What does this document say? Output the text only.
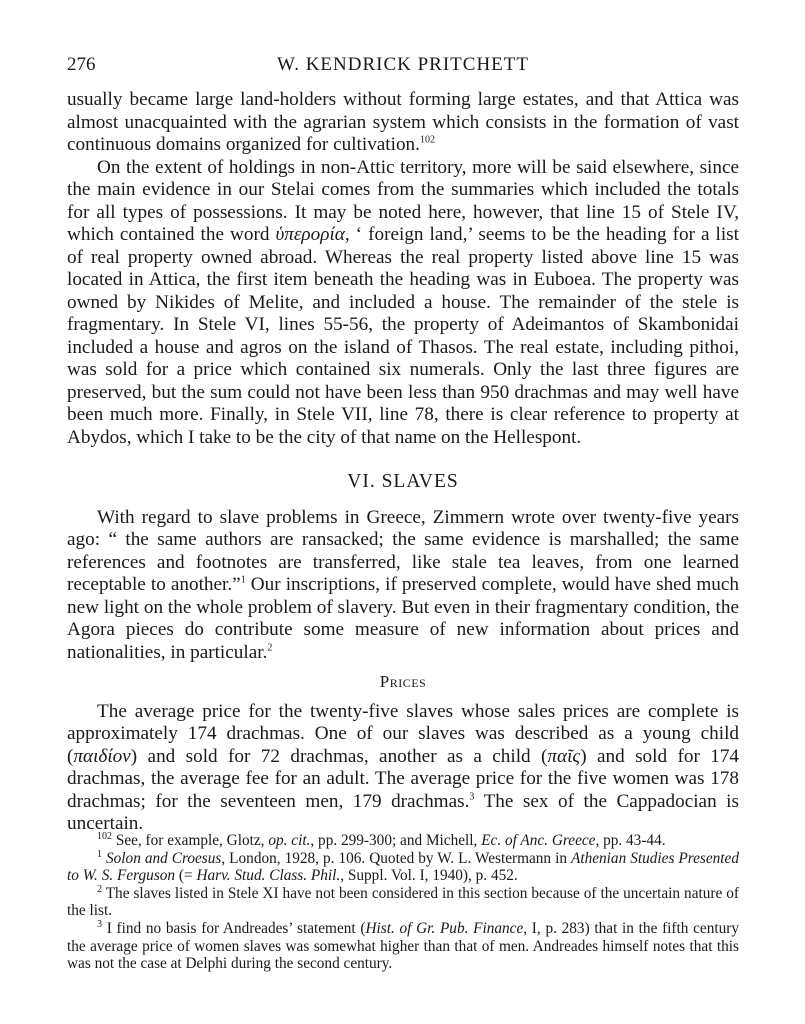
276	W. KENDRICK PRITCHETT

usually became large land-holders without forming large estates, and that Attica was almost unacquainted with the agrarian system which consists in the formation of vast continuous domains organized for cultivation.$^{102}$

On the extent of holdings in non-Attic territory, more will be said elsewhere, since the main evidence in our Stelai comes from the summaries which included the totals for all types of possessions. It may be noted here, however, that line 15 of Stele IV, which contained the word ὑπερορία, ‘ foreign land,’ seems to be the heading for a list of real property owned abroad. Whereas the real property listed above line 15 was located in Attica, the first item beneath the heading was in Euboea. The property was owned by Nikides of Melite, and included a house. The remainder of the stele is fragmentary. In Stele VI, lines 55-56, the property of Adeimantos of Skambonidai included a house and agros on the island of Thasos. The real estate, including pithoi, was sold for a price which contained six numerals. Only the last three figures are preserved, but the sum could not have been less than 950 drachmas and may well have been much more. Finally, in Stele VII, line 78, there is clear reference to property at Abydos, which I take to be the city of that name on the Hellespont.

VI. SLAVES

With regard to slave problems in Greece, Zimmern wrote over twenty-five years ago: “ the same authors are ransacked; the same evidence is marshalled; the same references and footnotes are transferred, like stale tea leaves, from one learned receptable to another.”$^1$ Our inscriptions, if preserved complete, would have shed much new light on the whole problem of slavery. But even in their fragmentary condition, the Agora pieces do contribute some measure of new information about prices and nationalities, in particular.$^2$

Prices

The average price for the twenty-five slaves whose sales prices are complete is approximately 174 drachmas. One of our slaves was described as a young child (παιδίον) and sold for 72 drachmas, another as a child (παῖς) and sold for 174 drachmas, the average fee for an adult. The average price for the five women was 178 drachmas; for the seventeen men, 179 drachmas.$^3$ The sex of the Cappadocian is uncertain.

$^{102}$ See, for example, Glotz, op. cit., pp. 299-300; and Michell, Ec. of Anc. Greece, pp. 43-44.

$^1$ Solon and Croesus, London, 1928, p. 106. Quoted by W. L. Westermann in Athenian Studies Presented to W. S. Ferguson (= Harv. Stud. Class. Phil., Suppl. Vol. I, 1940), p. 452.

$^2$ The slaves listed in Stele XI have not been considered in this section because of the uncertain nature of the list.

$^3$ I find no basis for Andreades’ statement (Hist. of Gr. Pub. Finance, I, p. 283) that in the fifth century the average price of women slaves was somewhat higher than that of men. Andreades himself notes that this was not the case at Delphi during the second century.
